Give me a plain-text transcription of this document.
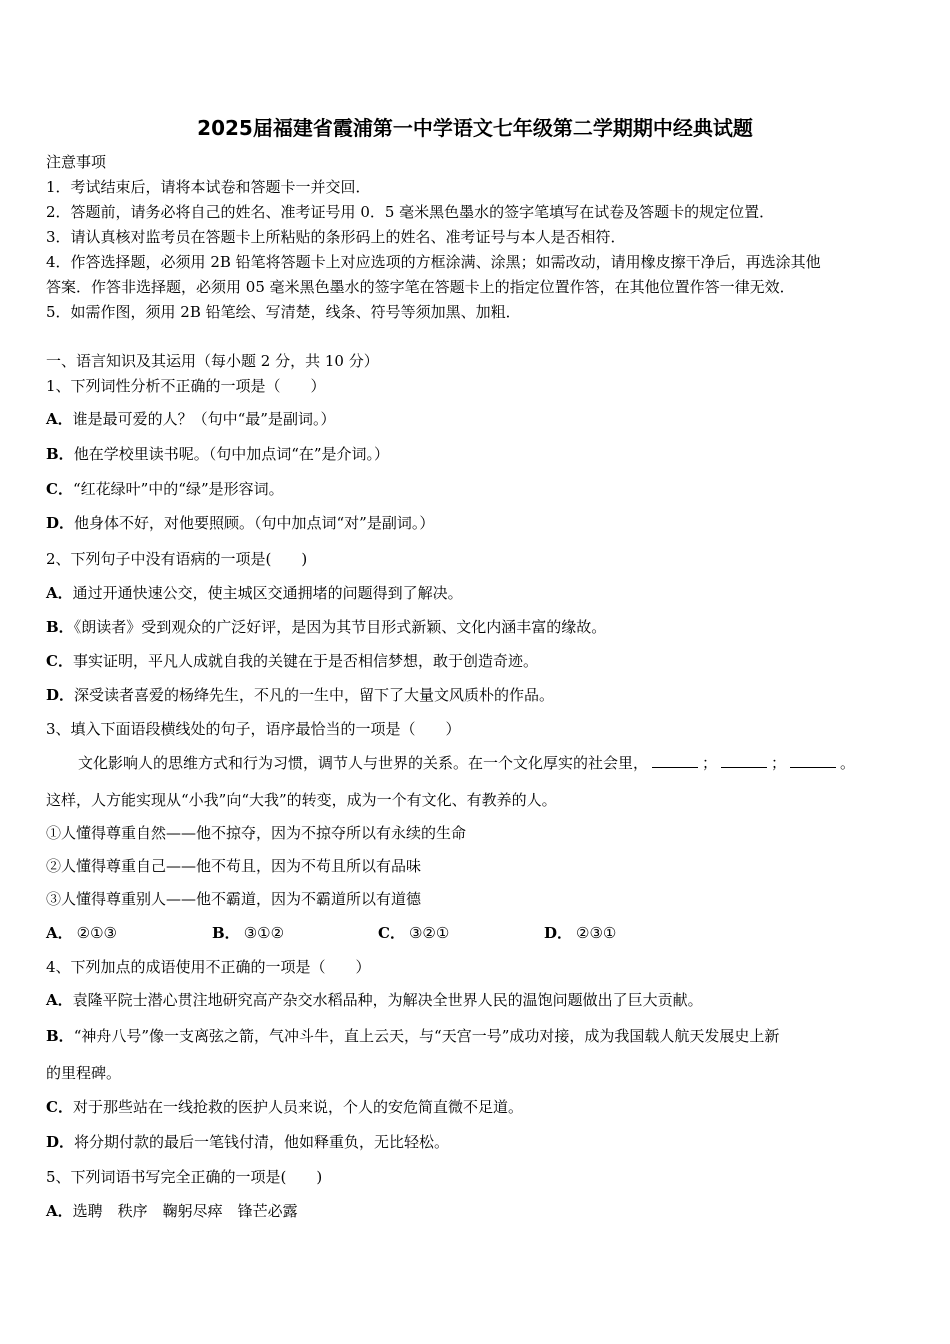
2025届福建省霞浦第一中学语文七年级第二学期期中经典试题
注意事项
1．考试结束后，请将本试卷和答题卡一并交回．
2．答题前，请务必将自己的姓名、准考证号用 0．5 毫米黑色墨水的签字笔填写在试卷及答题卡的规定位置．
3．请认真核对监考员在答题卡上所粘贴的条形码上的姓名、准考证号与本人是否相符．
4．作答选择题，必须用 2B 铅笔将答题卡上对应选项的方框涂满、涂黑；如需改动，请用橡皮擦干净后，再选涂其他
答案．作答非选择题，必须用 05 毫米黑色墨水的签字笔在答题卡上的指定位置作答，在其他位置作答一律无效．
5．如需作图，须用 2B 铅笔绘、写清楚，线条、符号等须加黑、加粗．
一、语言知识及其运用（每小题 2 分，共 10 分）
1、下列词性分析不正确的一项是（　　）
A．谁是最可爱的人？（句中“最”是副词。）
B．他在学校里读书呢。（句中加点词“在”是介词。）
C．“红花绿叶”中的“绿”是形容词。
D．他身体不好，对他要照顾。（句中加点词“对”是副词。）
2、下列句子中没有语病的一项是(　　)
A．通过开通快速公交，使主城区交通拥堵的问题得到了解决。
B．《朗读者》受到观众的广泛好评，是因为其节目形式新颖、文化内涵丰富的缘故。
C．事实证明，平凡人成就自我的关键在于是否相信梦想，敢于创造奇迹。
D．深受读者喜爱的杨绛先生，不凡的一生中，留下了大量文风质朴的作品。
3、填入下面语段横线处的句子，语序最恰当的一项是（　　）
文化影响人的思维方式和行为习惯，调节人与世界的关系。在一个文化厚实的社会里，	；	；	。
这样，人方能实现从“小我”向“大我”的转变，成为一个有文化、有教养的人。
①人懂得尊重自然——他不掠夺，因为不掠夺所以有永续的生命
②人懂得尊重自己——他不苟且，因为不苟且所以有品味
③人懂得尊重别人——他不霸道，因为不霸道所以有道德
A． ②①③	B． ③①②	C． ③②①	D． ②③①
4、下列加点的成语使用不正确的一项是（　　）
A．袁隆平院士潜心贯注地研究高产杂交水稻品种，为解决全世界人民的温饱问题做出了巨大贡献。
B．“神舟八号”像一支离弦之箭，气冲斗牛，直上云天，与“天宫一号”成功对接，成为我国载人航天发展史上新
的里程碑。
C．对于那些站在一线抢救的医护人员来说，个人的安危简直微不足道。
D．将分期付款的最后一笔钱付清，他如释重负，无比轻松。
5、下列词语书写完全正确的一项是(　　)
A．选聘　秩序　鞠躬尽瘁　锋芒必露
